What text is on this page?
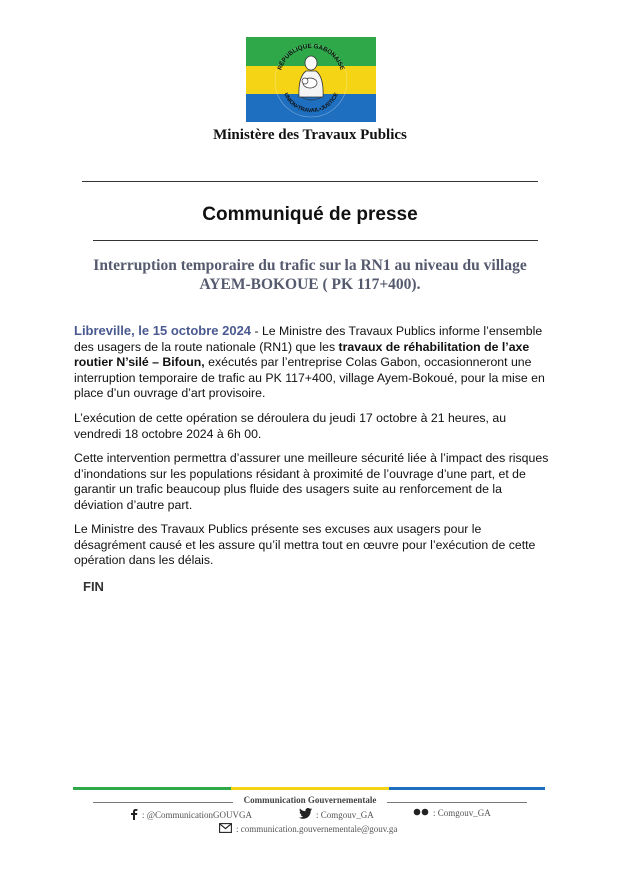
RÉPUBLIQUE GABONAISE
UNION•TRAVAIL•JUSTICE
Ministère des Travaux Publics
Communiqué de presse
Interruption temporaire du trafic sur la RN1 au niveau du village
AYEM-BOKOUE ( PK 117+400).
Libreville, le 15 octobre 2024 - Le Ministre des Travaux Publics informe l’ensemble des usagers de la route nationale (RN1) que les travaux de réhabilitation de l’axe routier N’silé – Bifoun, exécutés par l’entreprise Colas Gabon, occasionneront une interruption temporaire de trafic au PK 117+400, village Ayem-Bokoué, pour la mise en place d’un ouvrage d’art provisoire.
L’exécution de cette opération se déroulera du jeudi 17 octobre à 21 heures, au vendredi 18 octobre 2024 à 6h 00.
Cette intervention permettra d’assurer une meilleure sécurité liée à l’impact des risques d’inondations sur les populations résidant à proximité de l’ouvrage d’une part, et de garantir un trafic beaucoup plus fluide des usagers suite au renforcement de la déviation d’autre part.
Le Ministre des Travaux Publics présente ses excuses aux usagers pour le désagrément causé et les assure qu’il mettra tout en œuvre pour l’exécution de cette opération dans les délais.
FIN
Communication Gouvernementale
: @CommunicationGOUVGA	: Comgouv_GA	: Comgouv_GA
: communication.gouvernementale@gouv.ga
